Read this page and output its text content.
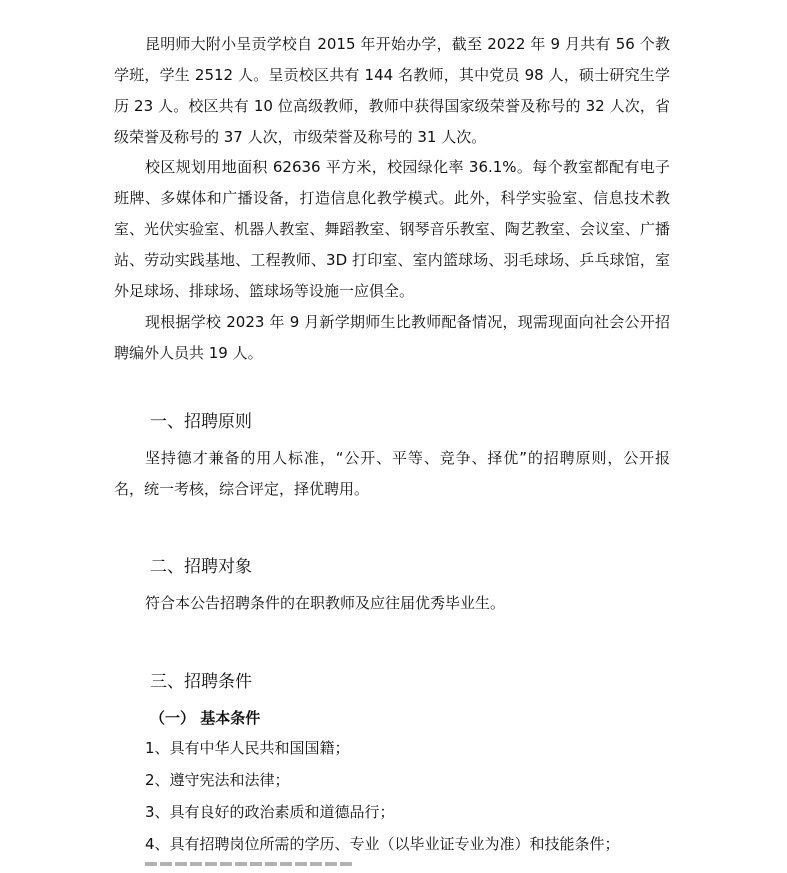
昆明师大附小呈贡学校自 2015 年开始办学，截至 2022 年 9 月共有 56 个教学班，学生 2512 人。呈贡校区共有 144 名教师，其中党员 98 人，硕士研究生学历 23 人。校区共有 10 位高级教师，教师中获得国家级荣誉及称号的 32 人次，省级荣誉及称号的 37 人次，市级荣誉及称号的 31 人次。

校区规划用地面积 62636 平方米，校园绿化率 36.1%。每个教室都配有电子班牌、多媒体和广播设备，打造信息化教学模式。此外，科学实验室、信息技术教室、光伏实验室、机器人教室、舞蹈教室、钢琴音乐教室、陶艺教室、会议室、广播站、劳动实践基地、工程教师、3D 打印室、室内篮球场、羽毛球场、乒乓球馆，室外足球场、排球场、篮球场等设施一应俱全。

现根据学校 2023 年 9 月新学期师生比教师配备情况，现需现面向社会公开招聘编外人员共 19 人。

一、招聘原则

坚持德才兼备的用人标准，“公开、平等、竞争、择优”的招聘原则，公开报名，统一考核，综合评定，择优聘用。

二、招聘对象

符合本公告招聘条件的在职教师及应往届优秀毕业生。

三、招聘条件

（一） 基本条件

1、具有中华人民共和国国籍；

2、遵守宪法和法律；

3、具有良好的政治素质和道德品行；

4、具有招聘岗位所需的学历、专业（以毕业证专业为准）和技能条件；
